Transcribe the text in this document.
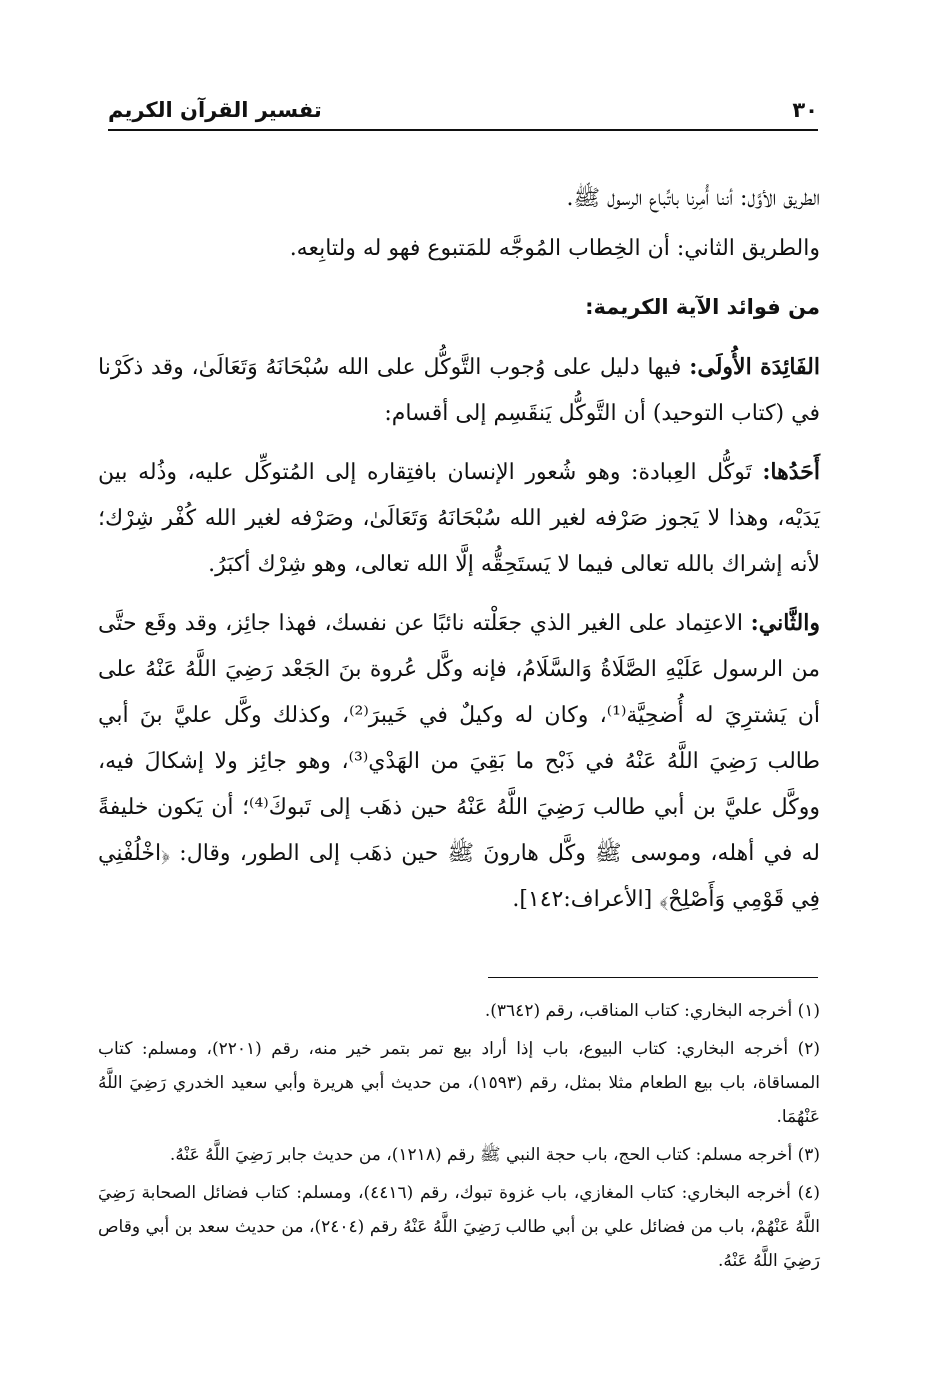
٣٠
تفسير القرآن الكريم

الطريق الأوَّل: أننا أُمِرنا باتِّباع الرسول ﷺ.

والطريق الثاني: أن الخِطاب المُوجَّه للمَتبوع فهو له ولتابِعه.

من فوائد الآية الكريمة:

الفَائِدَة الأُولَى: فيها دليل على وُجوب التَّوكُّل على الله سُبْحَانَهُ وَتَعَالَىٰ، وقد ذكَرْنا في (كتاب التوحيد) أن التَّوكُّل يَنقَسِم إلى أقسام:

أَحَدُها: تَوكُّل العِبادة: وهو شُعور الإنسان بافتِقاره إلى المُتوكِّل عليه، وذُله بين يَدَيْه، وهذا لا يَجوز صَرْفه لغير الله سُبْحَانَهُ وَتَعَالَىٰ، وصَرْفه لغير الله كُفْر شِرْك؛ لأنه إشراك بالله تعالى فيما لا يَستَحِقُّه إلَّا الله تعالى، وهو شِرْك أكبَرُ.

والثَّاني: الاعتِماد على الغير الذي جعَلْته نائبًا عن نفسك، فهذا جائِز، وقد وقَع حتَّى من الرسول عَلَيْهِ الصَّلَاةُ وَالسَّلَامُ، فإنه وكَّل عُروة بنَ الجَعْد رَضِيَ اللَّهُ عَنْهُ على أن يَشترِيَ له أُضحِيَّة⁽¹⁾، وكان له وكيلٌ في خَيبرَ⁽²⁾، وكذلك وكَّل عليَّ بنَ أبي طالب رَضِيَ اللَّهُ عَنْهُ في ذَبْح ما بَقِيَ من الهَدْي⁽³⁾، وهو جائِز ولا إشكالَ فيه، ووكَّل عليَّ بن أبي طالب رَضِيَ اللَّهُ عَنْهُ حين ذهَب إلى تَبوكَ⁽⁴⁾؛ أن يَكون خليفةً له في أهله، وموسى ﷺ وكَّل هارونَ ﷺ حين ذهَب إلى الطور، وقال: ﴿اخْلُفْنِي فِي قَوْمِي وَأَصْلِحْ﴾ [الأعراف:١٤٢].

(١) أخرجه البخاري: كتاب المناقب، رقم (٣٦٤٢).

(٢) أخرجه البخاري: كتاب البيوع، باب إذا أراد بيع تمر بتمر خير منه، رقم (٢٢٠١)، ومسلم: كتاب المساقاة، باب بيع الطعام مثلا بمثل، رقم (١٥٩٣)، من حديث أبي هريرة وأبي سعيد الخدري رَضِيَ اللَّهُ عَنْهُمَا.

(٣) أخرجه مسلم: كتاب الحج، باب حجة النبي ﷺ رقم (١٢١٨)، من حديث جابر رَضِيَ اللَّهُ عَنْهُ.

(٤) أخرجه البخاري: كتاب المغازي، باب غزوة تبوك، رقم (٤٤١٦)، ومسلم: كتاب فضائل الصحابة رَضِيَ اللَّهُ عَنْهُمْ، باب من فضائل علي بن أبي طالب رَضِيَ اللَّهُ عَنْهُ رقم (٢٤٠٤)، من حديث سعد بن أبي وقاص رَضِيَ اللَّهُ عَنْهُ.
